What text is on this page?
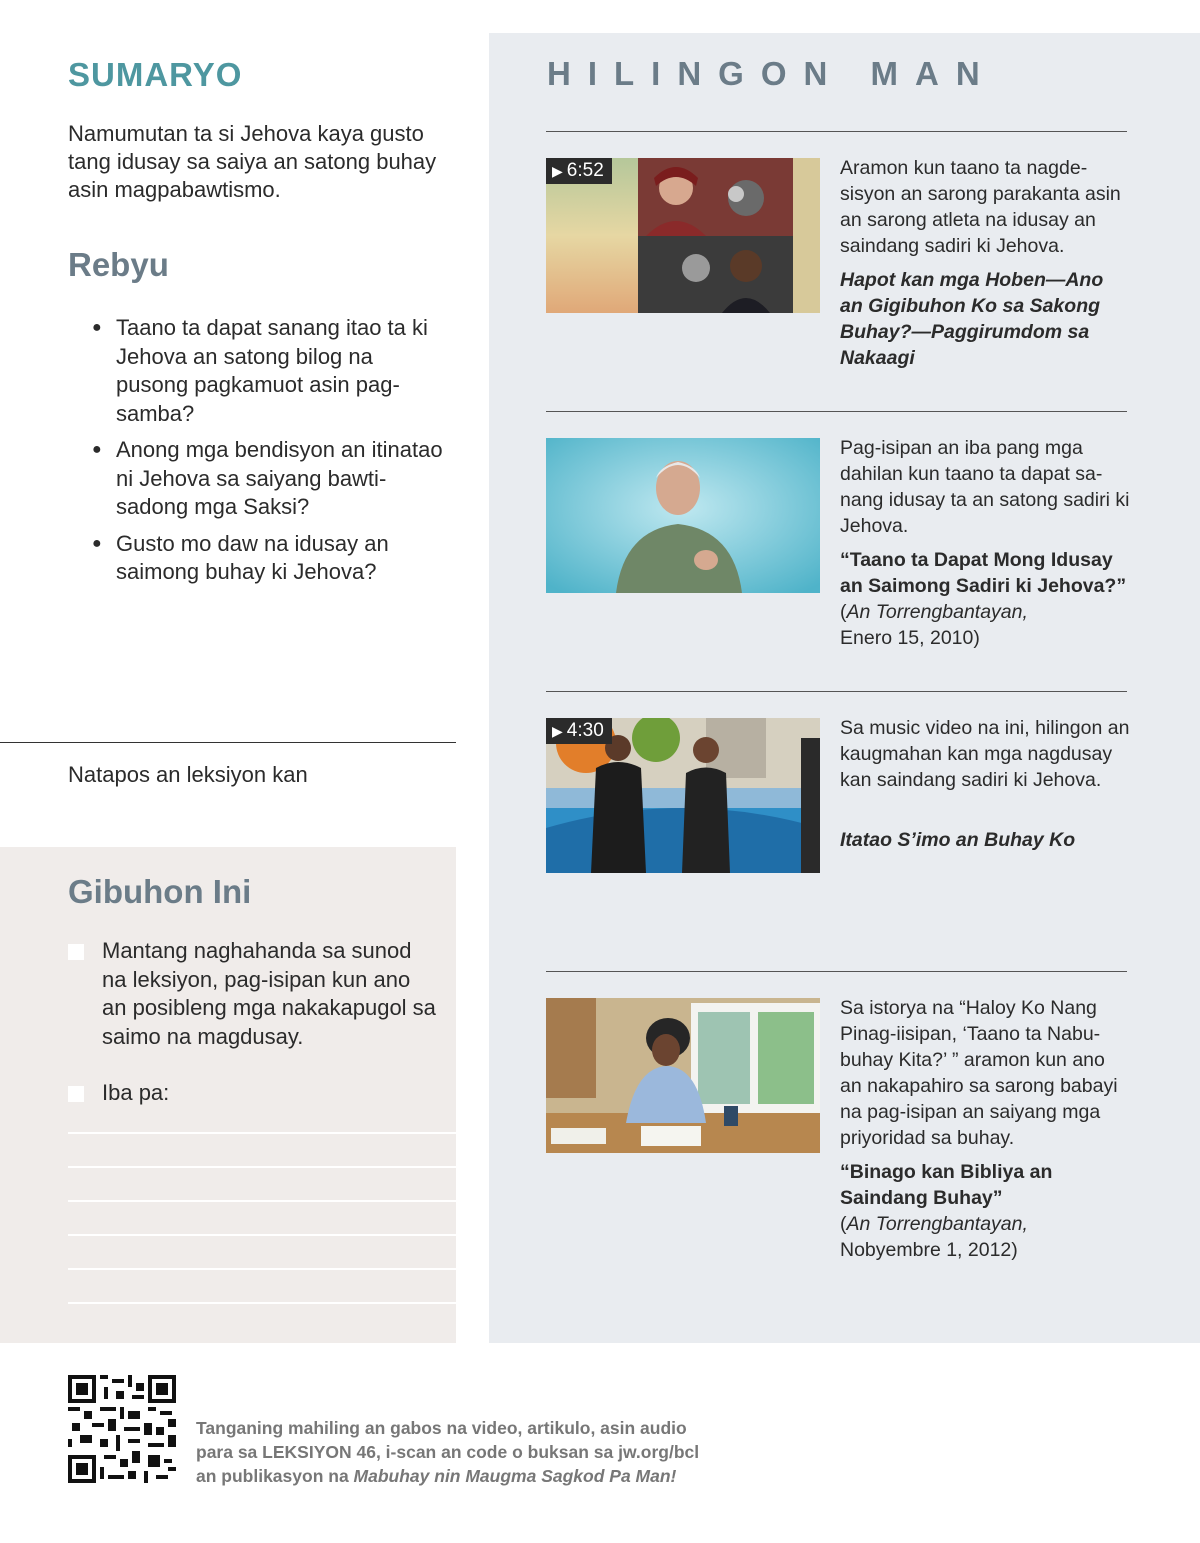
SUMARYO

Namumutan ta si Jehova kaya gusto tang idusay sa saiya an satong buhay asin magpabawtismo.

Rebyu
● Taano ta dapat sanang itao ta ki Jehova an satong bilog na pusong pagkamuot asin pagsamba?
● Anong mga bendisyon an itinatao ni Jehova sa saiyang bawtisadong mga Saksi?
● Gusto mo daw na idusay an saimong buhay ki Jehova?
Natapos an leksiyon kan
Gibuhon Ini
Mantang naghahanda sa sunod na leksiyon, pag-isipan kun ano an posibleng mga nakakapugol sa saimo na magdusay.
Iba pa:
HILINGON MAN
▶ 6:52	Aramon kun taano ta nagdesisyon an sarong parakanta asin an sarong atleta na idusay an saindang sadiri ki Jehova.
Hapot kan mga Hoben—Ano an Gigibuhon Ko sa Sakong Buhay?—Paggirumdom sa Nakaagi
Pag-isipan an iba pang mga dahilan kun taano ta dapat sanang idusay ta an satong sadiri ki Jehova.
“Taano ta Dapat Mong Idusay an Saimong Sadiri ki Jehova?” (An Torrengbantayan,
Enero 15, 2010)
▶ 4:30	Sa music video na ini, hilingon an kaugmahan kan mga nagdusay kan saindang sadiri ki Jehova.
Itatao S’imo an Buhay Ko
Sa istorya na “Haloy Ko Nang Pinag-iisipan, ‘Taano ta Nabubuhay Kita?’ ” aramon kun ano an nakapahiro sa sarong babayi na pag-isipan an saiyang mga priyoridad sa buhay.
“Binago kan Bibliya an Saindang Buhay”
(An Torrengbantayan,
Nobyembre 1, 2012)
Tanganing mahiling an gabos na video, artikulo, asin audio
para sa LEKSIYON 46, i-scan an code o buksan sa jw.org/bcl
an publikasyon na Mabuhay nin Maugma Sagkod Pa Man!
